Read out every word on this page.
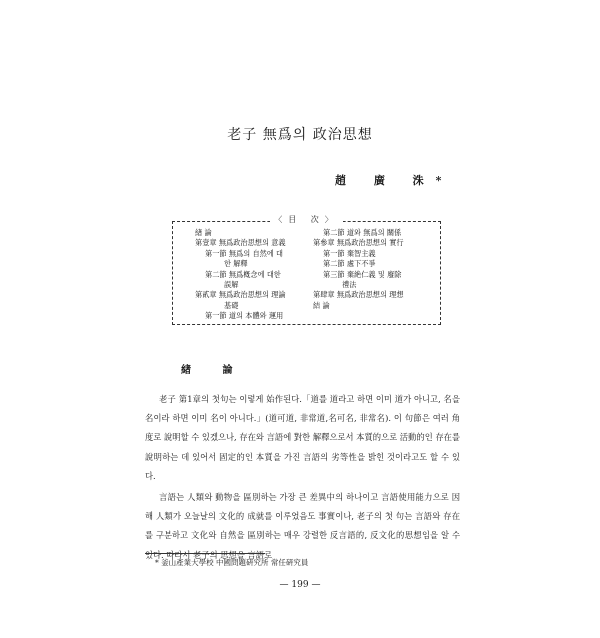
老子 無爲의 政治思想
趙 廣 洙*
〈目 次〉
緖 論
第壹章 無爲政治思想의 意義
第一節 無爲의 自然에 대
한 解釋
第二節 無爲槪念에 대한
誤解
第貳章 無爲政治思想의 理論
基礎
第一節 道의 本體와 運用
第二節 道와 無爲의 關係
第參章 無爲政治思想의 實行
第一節 棄智主義
第二節 處下不爭
第三節 棄絶仁義 및 廢除
禮法
第肆章 無爲政治思想의 理想
結 論
緖 論

老子 第1章의 첫句는 이렇게 始作된다.「道를 道라고 하면 이미 道가 아니고, 名을 名이라 하면 이미 名이 아니다.」(道可道, 非常道,名可名, 非常名). 이 句節은 여러 角度로 說明할 수 있겠으나, 存在와 言語에 對한 解釋으로서 本質的으로 活動的인 存在를 說明하는 데 있어서 固定的인 本質을 가진 言語의 劣等性을 밝힌 것이라고도 할 수 있다.

言語는 人類와 動物을 區別하는 가장 큰 差異中의 하나이고 言語使用能力으로 因해 人類가 오늘날의 文化的 成就를 이루었음도 事實이나, 老子의 첫 句는 言語와 存在를 구분하고 文化와 自然을 區別하는 매우 강렬한 反言語的, 反文化的思想임을 알 수 있다. 따라서 老子의 思想을 言語로

* 釜山產業大學校 中國問題硏究所 常任硏究員
— 199 —
